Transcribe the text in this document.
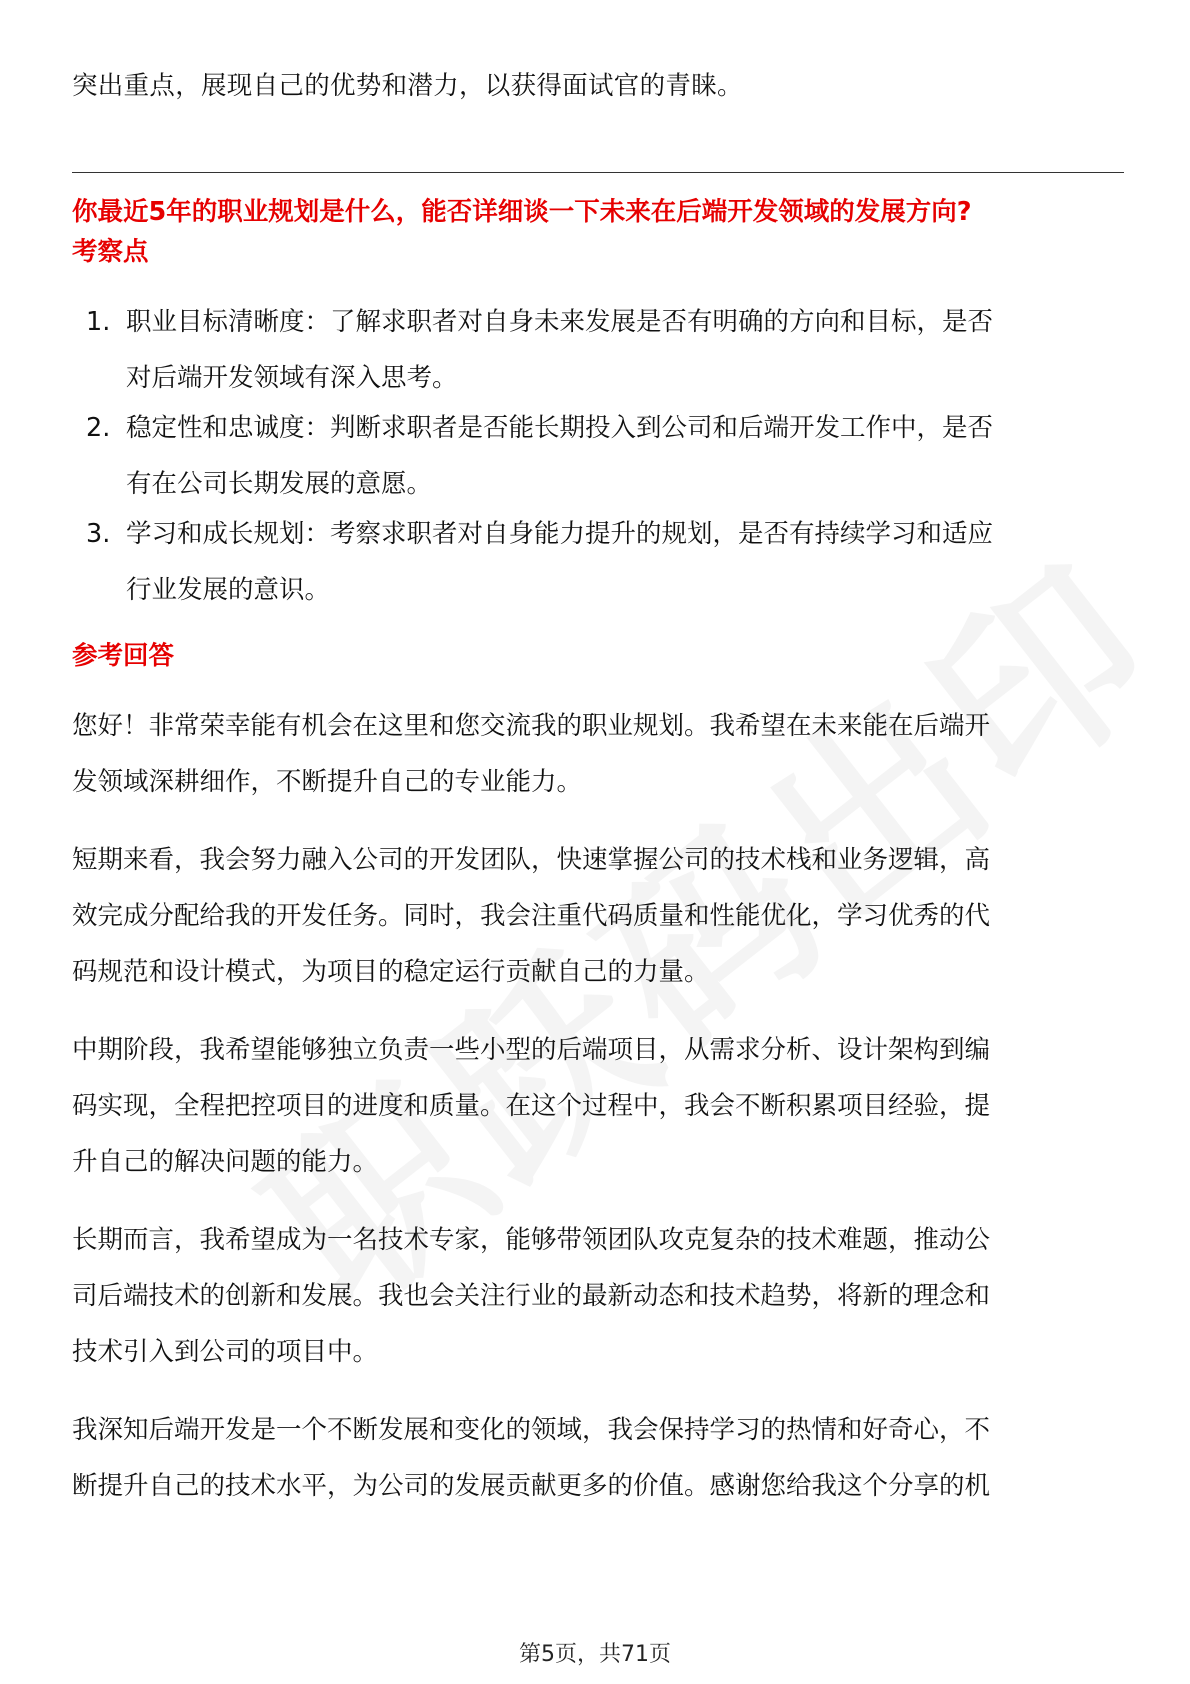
突出重点，展现自己的优势和潜力，以获得面试官的青睐。
你最近5年的职业规划是什么，能否详细谈一下未来在后端开发领域的发展方向?
考察点
1. 职业目标清晰度：了解求职者对自身未来发展是否有明确的方向和目标，是否
对后端开发领域有深入思考。
2. 稳定性和忠诚度：判断求职者是否能长期投入到公司和后端开发工作中，是否
有在公司长期发展的意愿。
3. 学习和成长规划：考察求职者对自身能力提升的规划，是否有持续学习和适应
行业发展的意识。
参考回答
您好！非常荣幸能有机会在这里和您交流我的职业规划。我希望在未来能在后端开
发领域深耕细作，不断提升自己的专业能力。
短期来看，我会努力融入公司的开发团队，快速掌握公司的技术栈和业务逻辑，高
效完成分配给我的开发任务。同时，我会注重代码质量和性能优化，学习优秀的代
码规范和设计模式，为项目的稳定运行贡献自己的力量。
中期阶段，我希望能够独立负责一些小型的后端项目，从需求分析、设计架构到编
码实现，全程把控项目的进度和质量。在这个过程中，我会不断积累项目经验，提
升自己的解决问题的能力。
长期而言，我希望成为一名技术专家，能够带领团队攻克复杂的技术难题，推动公
司后端技术的创新和发展。我也会关注行业的最新动态和技术趋势，将新的理念和
技术引入到公司的项目中。
我深知后端开发是一个不断发展和变化的领域，我会保持学习的热情和好奇心，不
断提升自己的技术水平，为公司的发展贡献更多的价值。感谢您给我这个分享的机
第5页，共71页
